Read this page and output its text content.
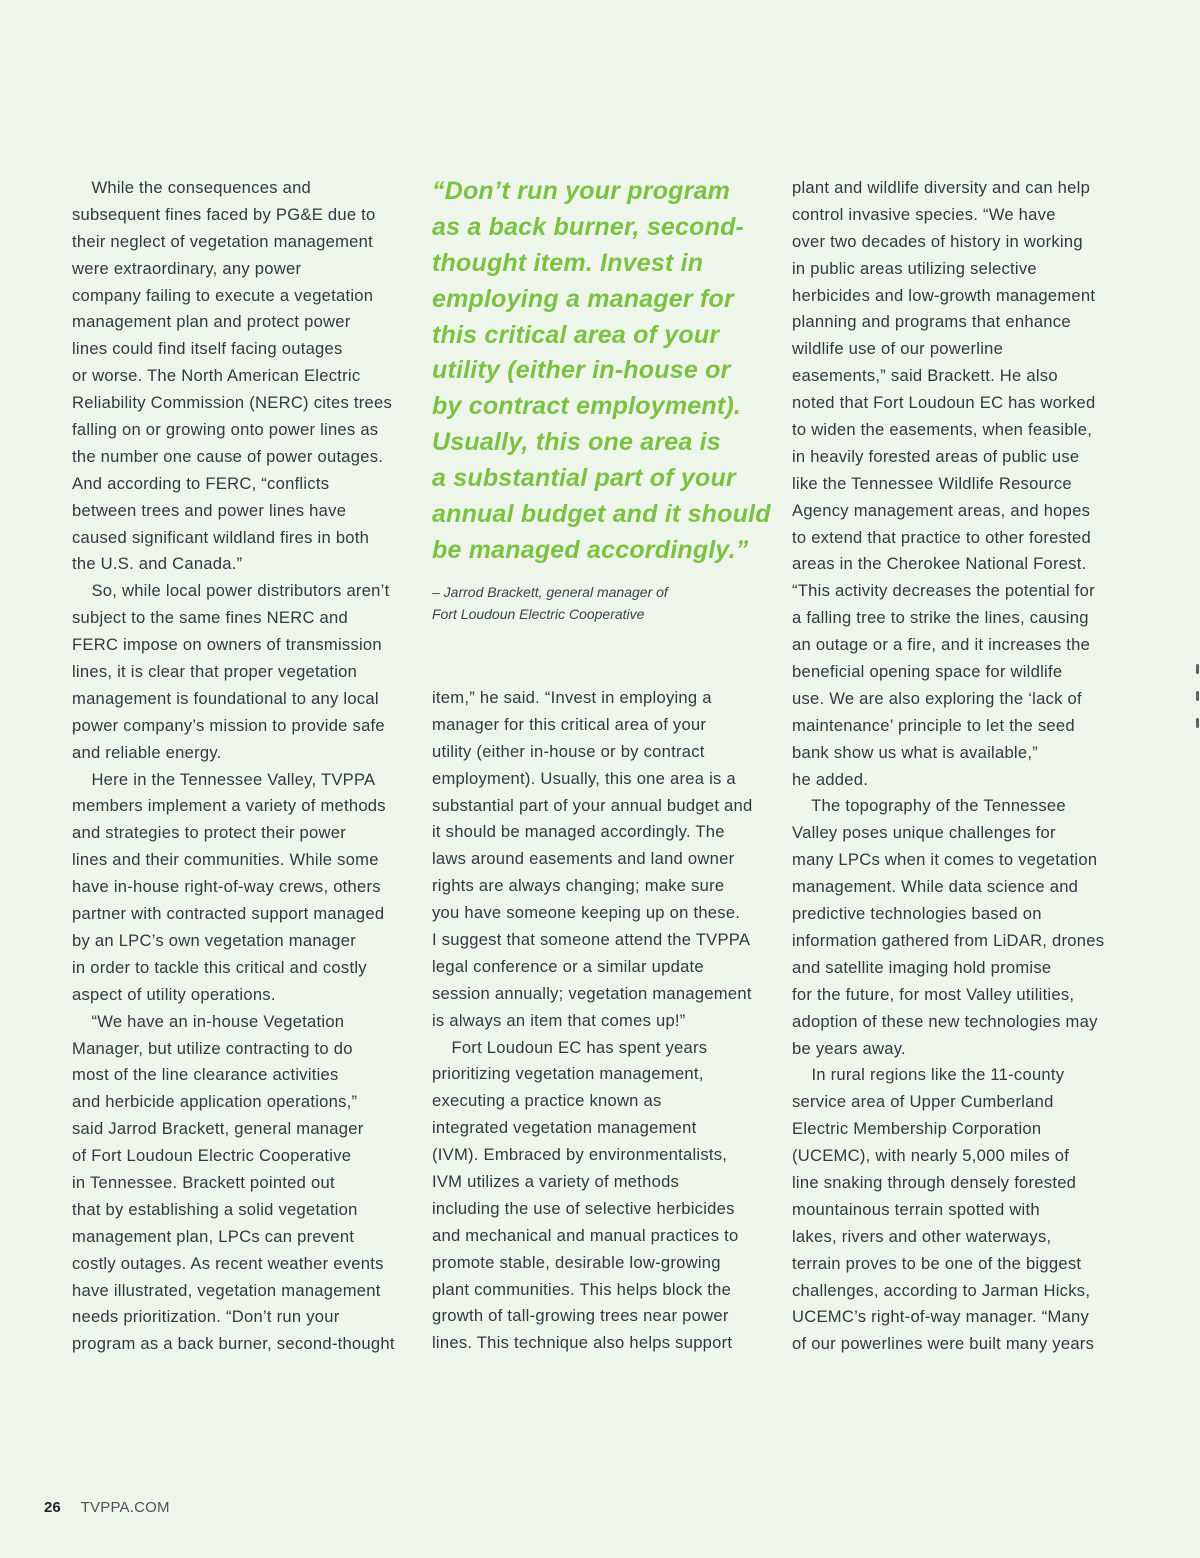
While the consequences and
subsequent fines faced by PG&E due to
their neglect of vegetation management
were extraordinary, any power
company failing to execute a vegetation
management plan and protect power
lines could find itself facing outages
or worse. The North American Electric
Reliability Commission (NERC) cites trees
falling on or growing onto power lines as
the number one cause of power outages.
And according to FERC, “conflicts
between trees and power lines have
caused significant wildland fires in both
the U.S. and Canada.”
So, while local power distributors aren’t
subject to the same fines NERC and
FERC impose on owners of transmission
lines, it is clear that proper vegetation
management is foundational to any local
power company’s mission to provide safe
and reliable energy.
Here in the Tennessee Valley, TVPPA
members implement a variety of methods
and strategies to protect their power
lines and their communities. While some
have in-house right-of-way crews, others
partner with contracted support managed
by an LPC’s own vegetation manager
in order to tackle this critical and costly
aspect of utility operations.
“We have an in-house Vegetation
Manager, but utilize contracting to do
most of the line clearance activities
and herbicide application operations,”
said Jarrod Brackett, general manager
of Fort Loudoun Electric Cooperative
in Tennessee. Brackett pointed out
that by establishing a solid vegetation
management plan, LPCs can prevent
costly outages. As recent weather events
have illustrated, vegetation management
needs prioritization. “Don’t run your
program as a back burner, second-thought
“Don’t run your program
as a back burner, second-
thought item. Invest in
employing a manager for
this critical area of your
utility (either in-house or
by contract employment).
Usually, this one area is
a substantial part of your
annual budget and it should
be managed accordingly.”
– Jarrod Brackett, general manager of
Fort Loudoun Electric Cooperative
item,” he said. “Invest in employing a
manager for this critical area of your
utility (either in-house or by contract
employment). Usually, this one area is a
substantial part of your annual budget and
it should be managed accordingly. The
laws around easements and land owner
rights are always changing; make sure
you have someone keeping up on these.
I suggest that someone attend the TVPPA
legal conference or a similar update
session annually; vegetation management
is always an item that comes up!”
Fort Loudoun EC has spent years
prioritizing vegetation management,
executing a practice known as
integrated vegetation management
(IVM). Embraced by environmentalists,
IVM utilizes a variety of methods
including the use of selective herbicides
and mechanical and manual practices to
promote stable, desirable low-growing
plant communities. This helps block the
growth of tall-growing trees near power
lines. This technique also helps support
plant and wildlife diversity and can help
control invasive species. “We have
over two decades of history in working
in public areas utilizing selective
herbicides and low-growth management
planning and programs that enhance
wildlife use of our powerline
easements,” said Brackett. He also
noted that Fort Loudoun EC has worked
to widen the easements, when feasible,
in heavily forested areas of public use
like the Tennessee Wildlife Resource
Agency management areas, and hopes
to extend that practice to other forested
areas in the Cherokee National Forest.
“This activity decreases the potential for
a falling tree to strike the lines, causing
an outage or a fire, and it increases the
beneficial opening space for wildlife
use. We are also exploring the ‘lack of
maintenance’ principle to let the seed
bank show us what is available,”
he added.
The topography of the Tennessee
Valley poses unique challenges for
many LPCs when it comes to vegetation
management. While data science and
predictive technologies based on
information gathered from LiDAR, drones
and satellite imaging hold promise
for the future, for most Valley utilities,
adoption of these new technologies may
be years away.
In rural regions like the 11-county
service area of Upper Cumberland
Electric Membership Corporation
(UCEMC), with nearly 5,000 miles of
line snaking through densely forested
mountainous terrain spotted with
lakes, rivers and other waterways,
terrain proves to be one of the biggest
challenges, according to Jarman Hicks,
UCEMC’s right-of-way manager. “Many
of our powerlines were built many years
26 TVPPA.COM
